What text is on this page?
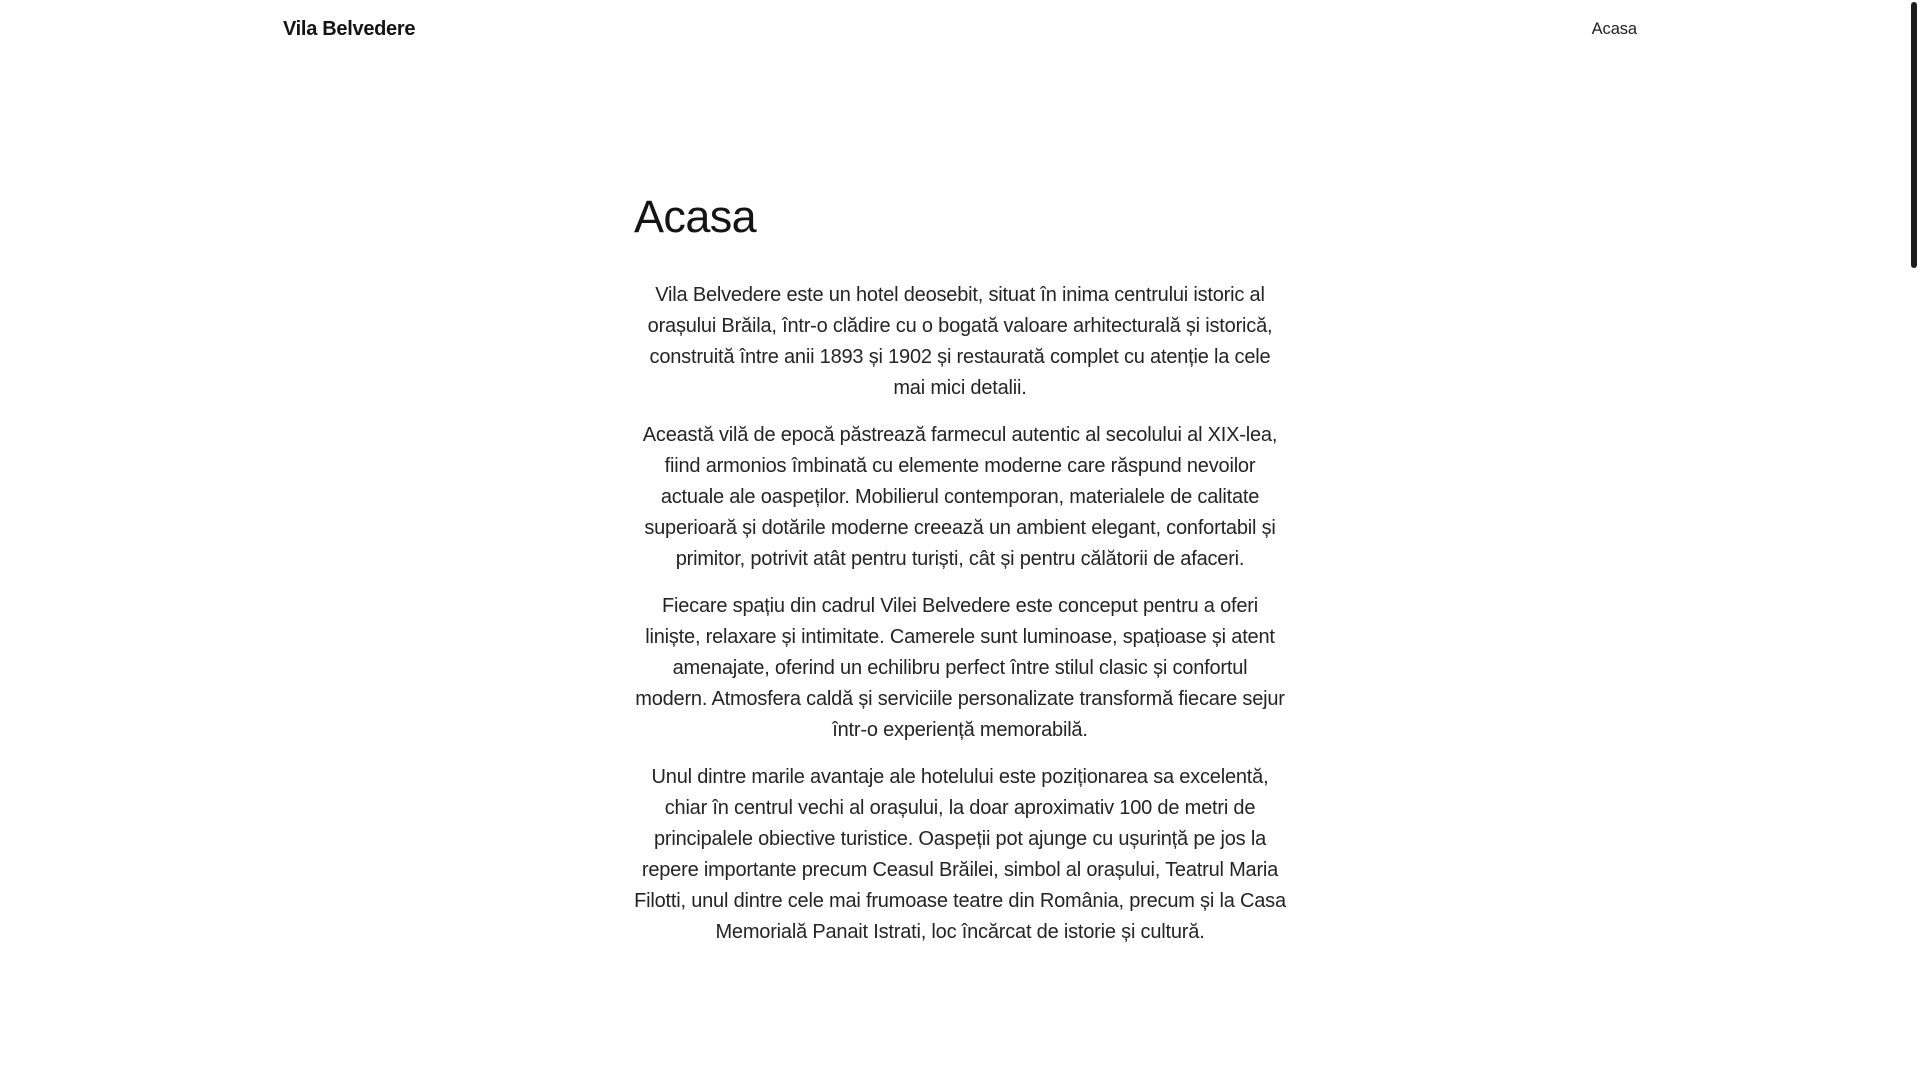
Vila Belvedere	Acasa
Acasa

Vila Belvedere este un hotel deosebit, situat în inima centrului istoric al orașului Brăila, într-o clădire cu o bogată valoare arhitecturală și istorică, construită între anii 1893 și 1902 și restaurată complet cu atenție la cele mai mici detalii.

Această vilă de epocă păstrează farmecul autentic al secolului al XIX-lea, fiind armonios îmbinată cu elemente moderne care răspund nevoilor actuale ale oaspeților. Mobilierul contemporan, materialele de calitate superioară și dotările moderne creează un ambient elegant, confortabil și primitor, potrivit atât pentru turiști, cât și pentru călătorii de afaceri.

Fiecare spațiu din cadrul Vilei Belvedere este conceput pentru a oferi liniște, relaxare și intimitate. Camerele sunt luminoase, spațioase și atent amenajate, oferind un echilibru perfect între stilul clasic și confortul modern. Atmosfera caldă și serviciile personalizate transformă fiecare sejur într-o experiență memorabilă.

Unul dintre marile avantaje ale hotelului este poziționarea sa excelentă, chiar în centrul vechi al orașului, la doar aproximativ 100 de metri de principalele obiective turistice. Oaspeții pot ajunge cu ușurință pe jos la repere importante precum Ceasul Brăilei, simbol al orașului, Teatrul Maria Filotti, unul dintre cele mai frumoase teatre din România, precum și la Casa Memorială Panait Istrati, loc încărcat de istorie și cultură.
